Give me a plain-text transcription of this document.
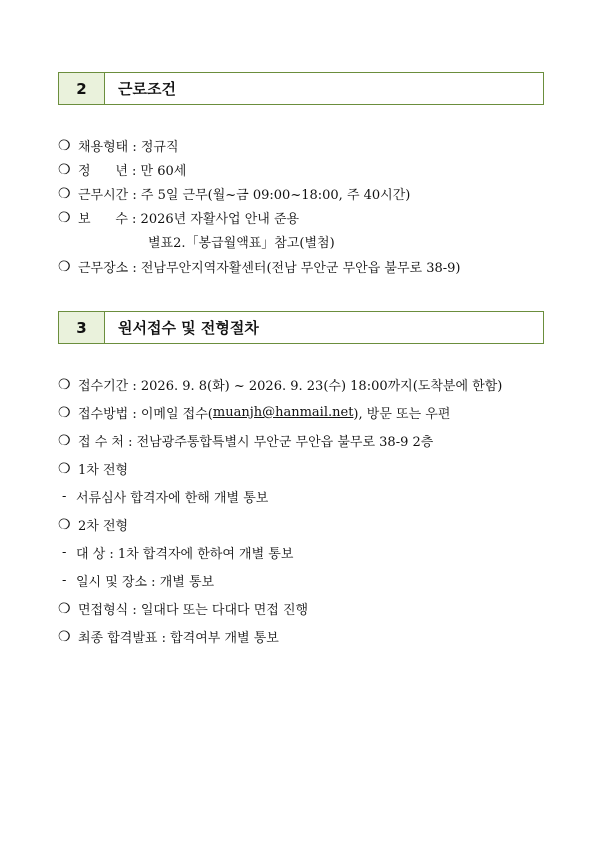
2	근로조건
❍ 채용형태 : 정규직
❍ 정      년 : 만 60세
❍ 근무시간 : 주 5일 근무(월~금 09:00~18:00, 주 40시간)
❍ 보      수 : 2026년 자활사업 안내 준용
별표2.「봉급월액표」참고(별첨)
❍ 근무장소 : 전남무안지역자활센터(전남 무안군 무안읍 불무로 38-9)
3	원서접수 및 전형절차
❍ 접수기간 : 2026. 9. 8(화) ~ 2026. 9. 23(수) 18:00까지(도착분에 한함)
❍ 접수방법 : 이메일 접수( muanjh@hanmail.net ), 방문 또는 우편
❍ 접 수 처 : 전남광주통합특별시 무안군 무안읍 불무로 38-9 2층
❍ 1차 전형
- 서류심사 합격자에 한해 개별 통보
❍ 2차 전형
- 대 상 : 1차 합격자에 한하여 개별 통보
- 일시 및 장소 : 개별 통보
❍ 면접형식 : 일대다 또는 다대다 면접 진행
❍ 최종 합격발표 : 합격여부 개별 통보
